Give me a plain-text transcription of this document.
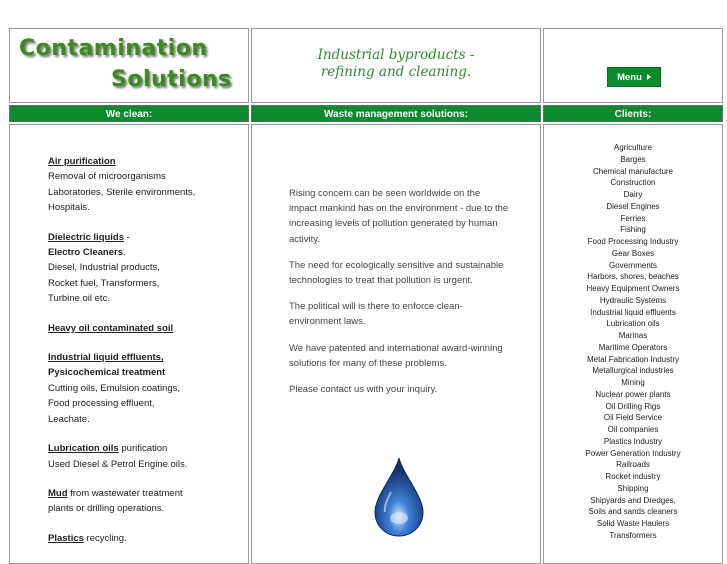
Contamination
Solutions
Industrial byproducts -
refining and cleaning.	Menu
We clean:	Waste management solutions:	Clients:
Air purification
Removal of microorganisms
Laboratories, Sterile environments,
Hospitals.
Dielectric liquids -
Electro Cleaners.
Diesel, Industrial products,
Rocket fuel, Transformers,
Turbine oil etc.
Heavy oil contaminated soil
Industrial liquid effluents,
Pysicochemical treatment
Cutting oils, Emulsion coatings,
Food processing effluent,
Leachate.
Lubrication oils purification
Used Diesel & Petrol Engine oils.
Mud from wastewater treatment
plants or drilling operations.
Plastics recycling.

Rising concern can be seen worldwide on the impact mankind has on the environment - due to the increasing levels of pollution generated by human activity.

The need for ecologically sensitive and sustainable technologies to treat that pollution is urgent.

The political will is there to enforce clean-environment laws.

We have patented and international award-winning solutions for many of these problems.

Please contact us with your inquiry.

Agriculture
Barges
Chemical manufacture
Construction
Dairy
Diesel Engines
Ferries
Fishing
Food Processing Industry
Gear Boxes
Governments
Harbors, shores, beaches
Heavy Equipment Owners
Hydraulic Systems
Industrial liquid effluents
Lubrication oils
Marinas
Maritime Operators
Metal Fabrication Industry
Metallurgical industries
Mining
Nuclear power plants
Oil Drilling Rigs
Oil Field Service
Oil companies
Plastics Industry
Power Generation Industry
Railroads
Rocket industry
Shipping
Shipyards and Dredges,
Soils and sands cleaners
Solid Waste Haulers
Transformers
